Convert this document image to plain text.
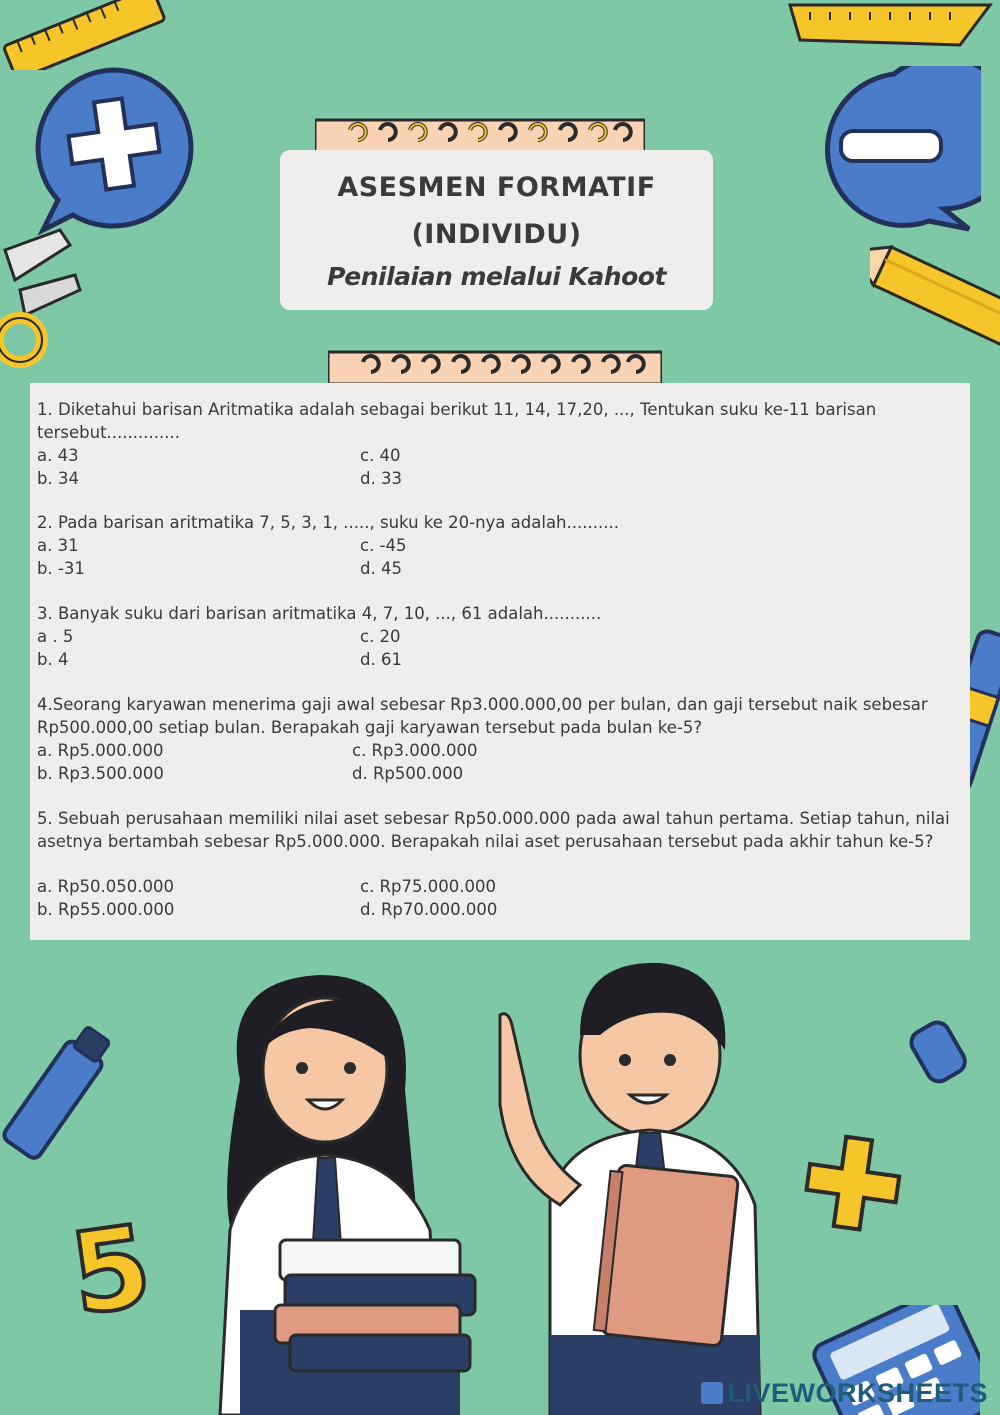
ASESMEN FORMATIF
(INDIVIDU)
Penilaian melalui Kahoot
1. Diketahui barisan Aritmatika adalah sebagai berikut 11, 14, 17,20, ..., Tentukan suku ke-11 barisan tersebut..............
a. 43	c. 40
b. 34	d. 33
2. Pada barisan aritmatika 7, 5, 3, 1, ....., suku ke 20-nya adalah..........
a. 31	c. -45
b. -31	d. 45
3. Banyak suku dari barisan aritmatika 4, 7, 10, ..., 61 adalah...........
a . 5	c. 20
b. 4	d. 61
4.Seorang karyawan menerima gaji awal sebesar Rp3.000.000,00 per bulan, dan gaji tersebut naik sebesar Rp500.000,00 setiap bulan. Berapakah gaji karyawan tersebut pada bulan ke-5?
a. Rp5.000.000	c. Rp3.000.000
b. Rp3.500.000	d. Rp500.000
5. Sebuah perusahaan memiliki nilai aset sebesar Rp50.000.000 pada awal tahun pertama. Setiap tahun, nilai asetnya bertambah sebesar Rp5.000.000. Berapakah nilai aset perusahaan tersebut pada akhir tahun ke-5?
a. Rp50.050.000	c. Rp75.000.000
b. Rp55.000.000	d. Rp70.000.000
5
LIVEWORKSHEETS
